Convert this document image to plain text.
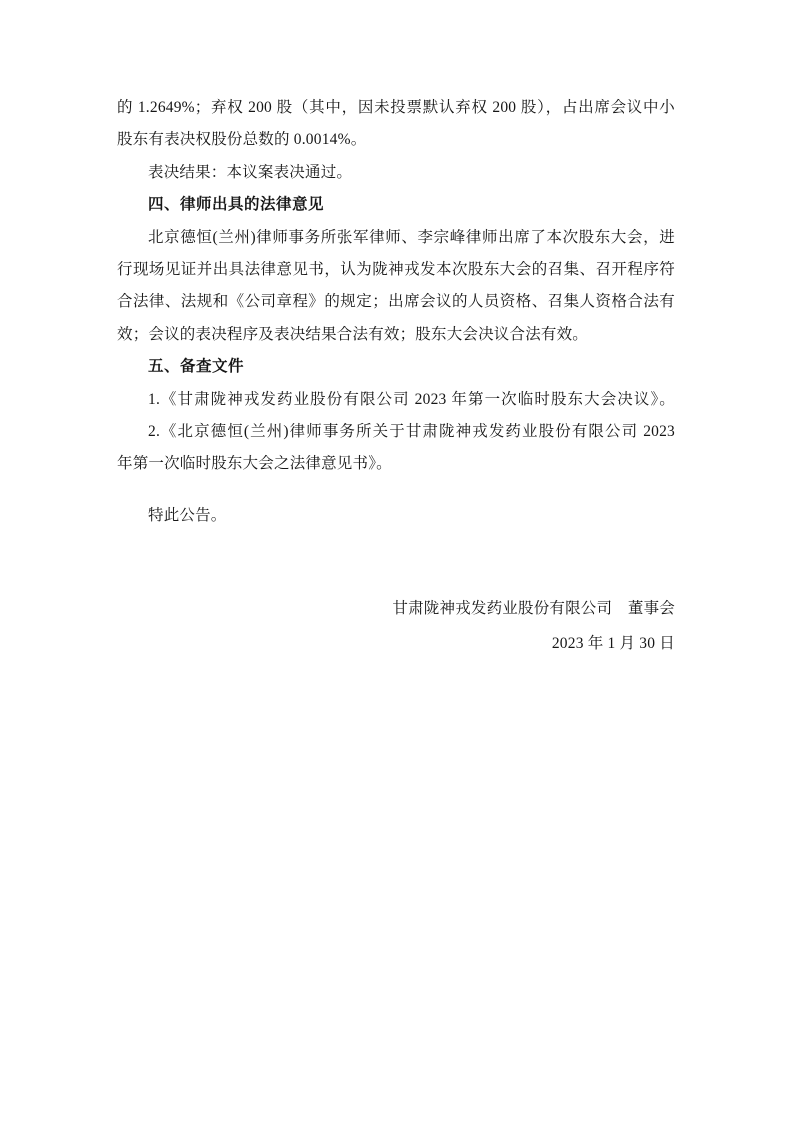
的 1.2649%；弃权 200 股（其中，因未投票默认弃权 200 股），占出席会议中小
股东有表决权股份总数的 0.0014%。
表决结果：本议案表决通过。
四、律师出具的法律意见
北京德恒(兰州)律师事务所张军律师、李宗峰律师出席了本次股东大会，进
行现场见证并出具法律意见书，认为陇神戎发本次股东大会的召集、召开程序符
合法律、法规和《公司章程》的规定；出席会议的人员资格、召集人资格合法有
效；会议的表决程序及表决结果合法有效；股东大会决议合法有效。
五、备查文件
1.《甘肃陇神戎发药业股份有限公司 2023 年第一次临时股东大会决议》。
2.《北京德恒(兰州)律师事务所关于甘肃陇神戎发药业股份有限公司 2023
年第一次临时股东大会之法律意见书》。
特此公告。
甘肃陇神戎发药业股份有限公司　董事会
2023 年 1 月 30 日
